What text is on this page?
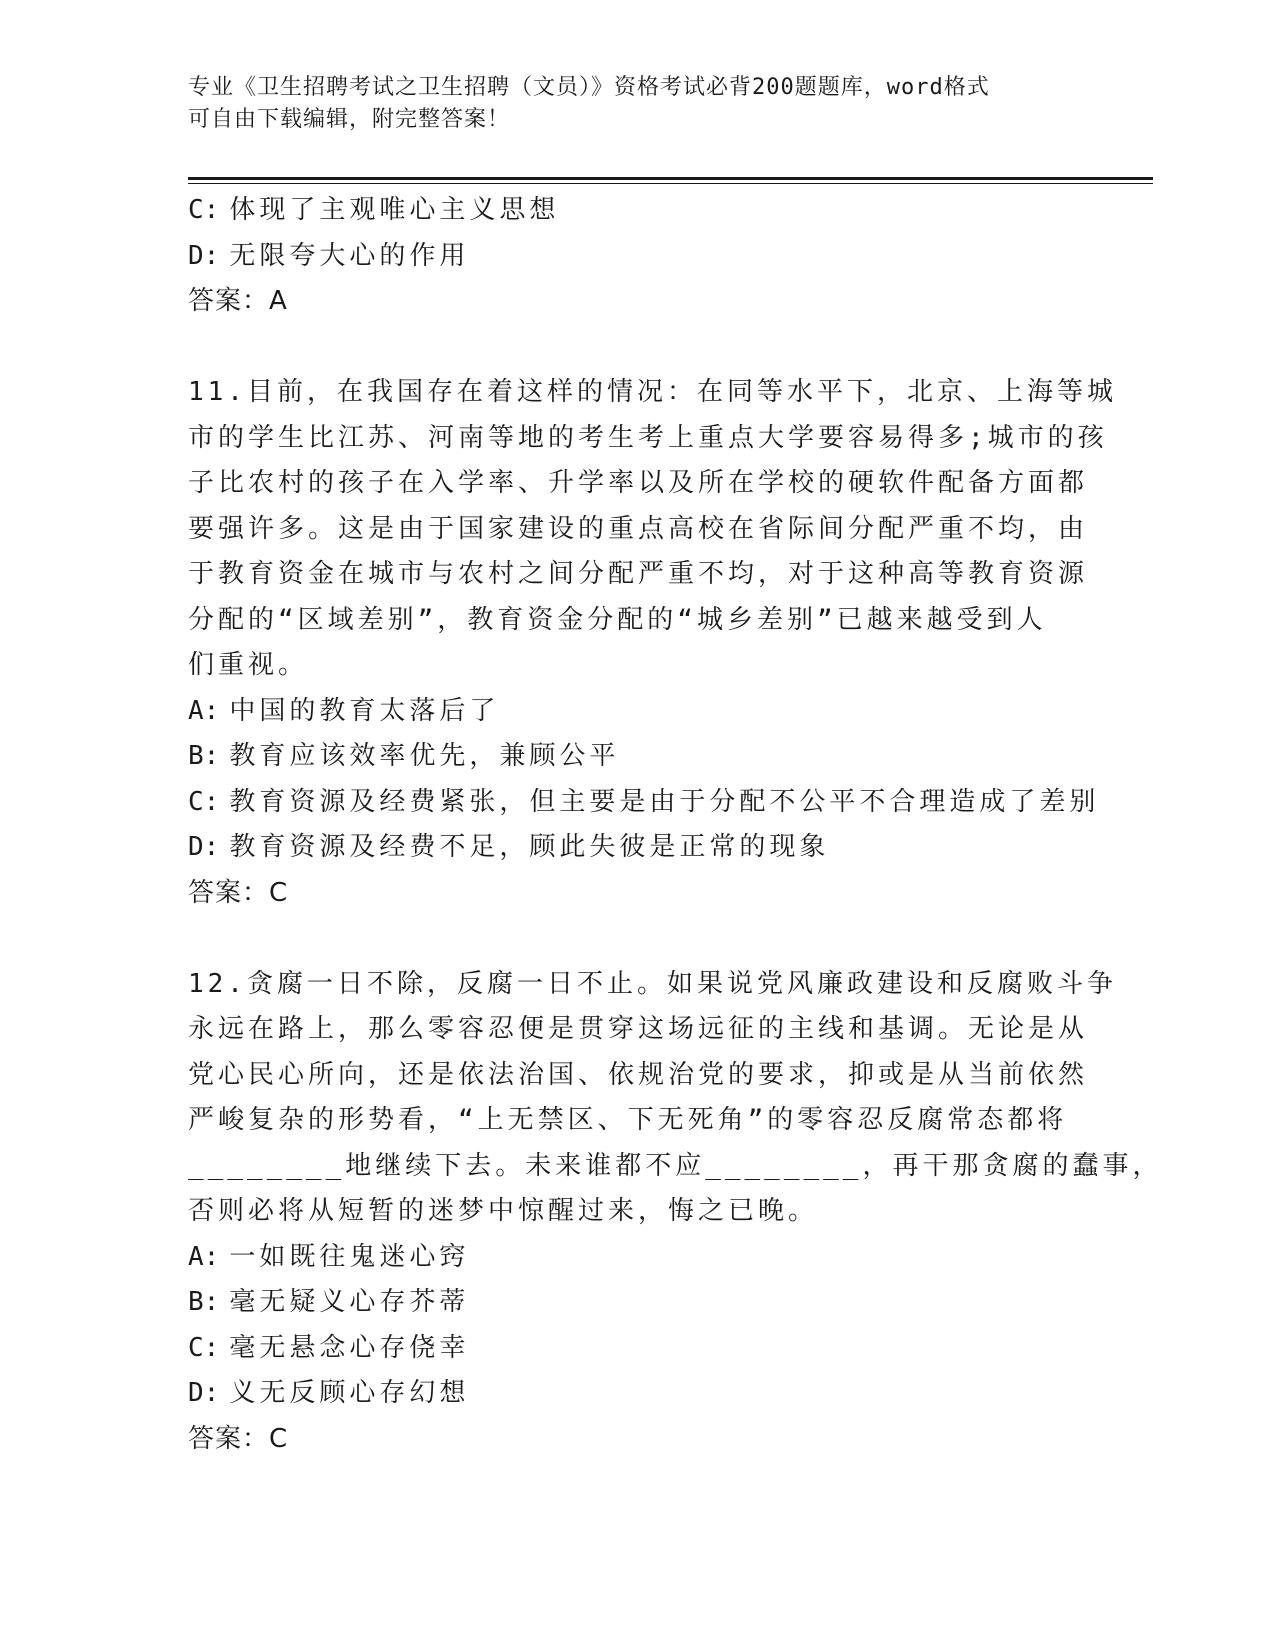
专业《卫生招聘考试之卫生招聘（文员）》资格考试必背200题题库，word格式
可自由下载编辑，附完整答案！
C: 体现了主观唯心主义思想
D: 无限夸大心的作用
答案：A
11.目前，在我国存在着这样的情况：在同等水平下，北京、上海等城
市的学生比江苏、河南等地的考生考上重点大学要容易得多;城市的孩
子比农村的孩子在入学率、升学率以及所在学校的硬软件配备方面都
要强许多。这是由于国家建设的重点高校在省际间分配严重不均，由
于教育资金在城市与农村之间分配严重不均，对于这种高等教育资源
分配的“区域差别”，教育资金分配的“城乡差别”已越来越受到人
们重视。
A: 中国的教育太落后了
B: 教育应该效率优先，兼顾公平
C: 教育资源及经费紧张，但主要是由于分配不公平不合理造成了差别
D: 教育资源及经费不足，顾此失彼是正常的现象
答案：C
12.贪腐一日不除，反腐一日不止。如果说党风廉政建设和反腐败斗争
永远在路上，那么零容忍便是贯穿这场远征的主线和基调。无论是从
党心民心所向，还是依法治国、依规治党的要求，抑或是从当前依然
严峻复杂的形势看，“上无禁区、下无死角”的零容忍反腐常态都将
________地继续下去。未来谁都不应________，再干那贪腐的蠢事，
否则必将从短暂的迷梦中惊醒过来，悔之已晚。
A: 一如既往鬼迷心窍
B: 毫无疑义心存芥蒂
C: 毫无悬念心存侥幸
D: 义无反顾心存幻想
答案：C
